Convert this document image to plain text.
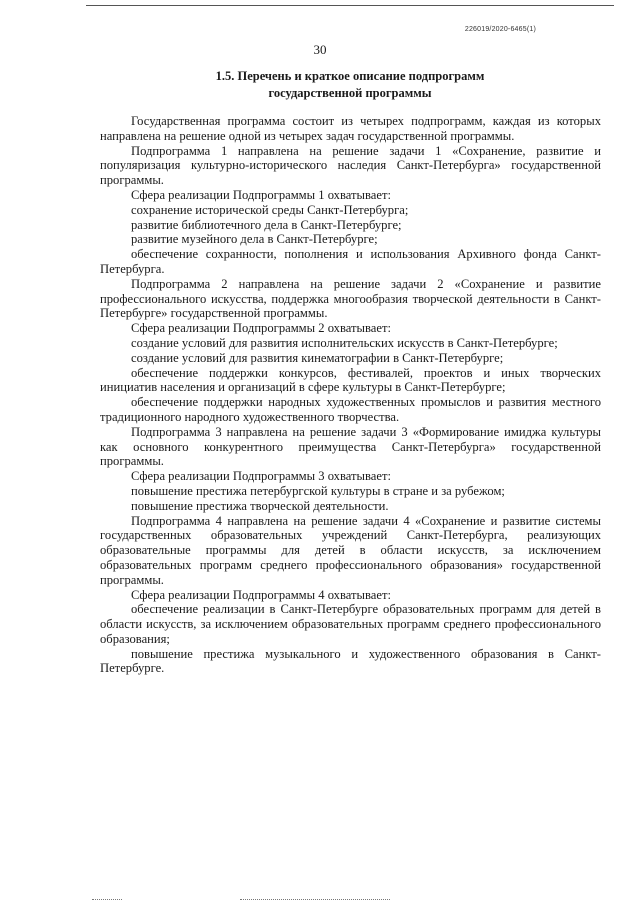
226019/2020-6465(1)
30
1.5. Перечень и краткое описание подпрограмм
государственной программы

Государственная программа состоит из четырех подпрограмм, каждая из которых направлена на решение одной из четырех задач государственной программы.

Подпрограмма 1 направлена на решение задачи 1 «Сохранение, развитие и популяризация культурно-исторического наследия Санкт-Петербурга» государственной программы.

Сфера реализации Подпрограммы 1 охватывает:

сохранение исторической среды Санкт-Петербурга;

развитие библиотечного дела в Санкт-Петербурге;

развитие музейного дела в Санкт-Петербурге;

обеспечение сохранности, пополнения и использования Архивного фонда Санкт-Петербурга.

Подпрограмма 2 направлена на решение задачи 2 «Сохранение и развитие профессионального искусства, поддержка многообразия творческой деятельности в Санкт-Петербурге» государственной программы.

Сфера реализации Подпрограммы 2 охватывает:

создание условий для развития исполнительских искусств в Санкт-Петербурге;

создание условий для развития кинематографии в Санкт-Петербурге;

обеспечение поддержки конкурсов, фестивалей, проектов и иных творческих инициатив населения и организаций в сфере культуры в Санкт-Петербурге;

обеспечение поддержки народных художественных промыслов и развития местного традиционного народного художественного творчества.

Подпрограмма 3 направлена на решение задачи 3 «Формирование имиджа культуры как основного конкурентного преимущества Санкт-Петербурга» государственной программы.

Сфера реализации Подпрограммы 3 охватывает:

повышение престижа петербургской культуры в стране и за рубежом;

повышение престижа творческой деятельности.

Подпрограмма 4 направлена на решение задачи 4 «Сохранение и развитие системы государственных образовательных учреждений Санкт-Петербурга, реализующих образовательные программы для детей в области искусств, за исключением образовательных программ среднего профессионального образования» государственной программы.

Сфера реализации Подпрограммы 4 охватывает:

обеспечение реализации в Санкт-Петербурге образовательных программ для детей в области искусств, за исключением образовательных программ среднего профессионального образования;

повышение престижа музыкального и художественного образования в Санкт-Петербурге.
